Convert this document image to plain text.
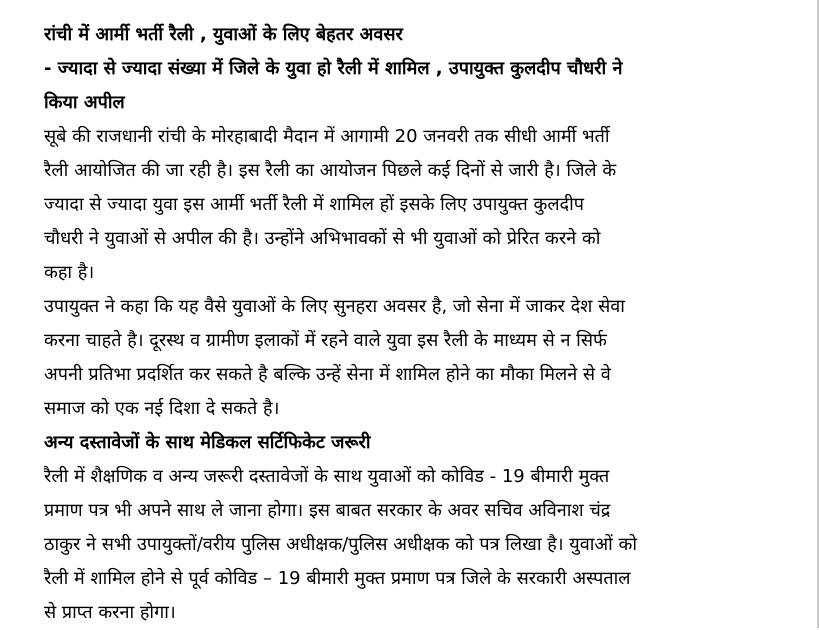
रांची में आर्मी भर्ती रैली , युवाओं के लिए बेहतर अवसर
- ज्यादा से ज्यादा संख्या में जिले के युवा हो रैली में शामिल , उपायुक्त कुलदीप चौधरी ने
किया अपील
सूबे की राजधानी रांची के मोरहाबादी मैदान में आगामी 20 जनवरी तक सीधी आर्मी भर्ती
रैली आयोजित की जा रही है। इस रैली का आयोजन पिछले कई दिनों से जारी है। जिले के
ज्यादा से ज्यादा युवा इस आर्मी भर्ती रैली में शामिल हों इसके लिए उपायुक्त कुलदीप
चौधरी ने युवाओं से अपील की है। उन्होंने अभिभावकों से भी युवाओं को प्रेरित करने को
कहा है।
उपायुक्त ने कहा कि यह वैसे युवाओं के लिए सुनहरा अवसर है, जो सेना में जाकर देश सेवा
करना चाहते है। दूरस्थ व ग्रामीण इलाकों में रहने वाले युवा इस रैली के माध्यम से न सिर्फ
अपनी प्रतिभा प्रदर्शित कर सकते है बल्कि उन्हें सेना में शामिल होने का मौका मिलने से वे
समाज को एक नई दिशा दे सकते है।
अन्य दस्तावेजों के साथ मेडिकल सर्टिफिकेट जरूरी
रैली में शैक्षणिक व अन्य जरूरी दस्तावेजों के साथ युवाओं को कोविड - 19 बीमारी मुक्त
प्रमाण पत्र भी अपने साथ ले जाना होगा। इस बाबत सरकार के अवर सचिव अविनाश चंद्र
ठाकुर ने सभी उपायुक्तों/वरीय पुलिस अधीक्षक/पुलिस अधीक्षक को पत्र लिखा है। युवाओं को
रैली में शामिल होने से पूर्व कोविड – 19 बीमारी मुक्त प्रमाण पत्र जिले के सरकारी अस्पताल
से प्राप्त करना होगा।
